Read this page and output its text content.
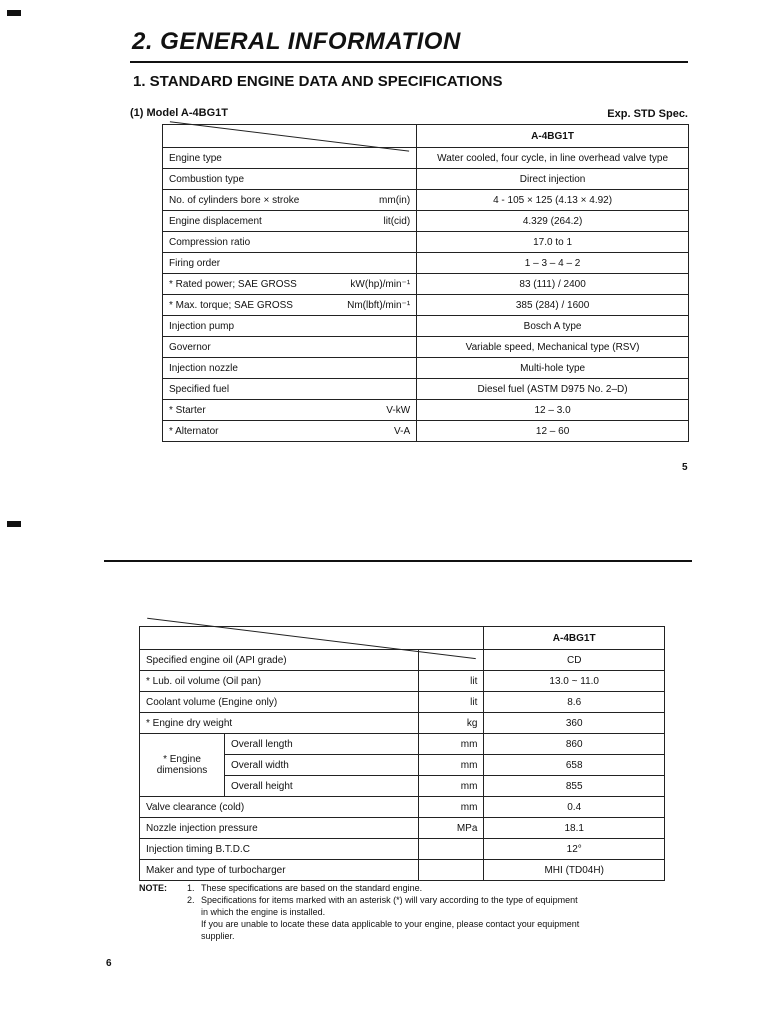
2. GENERAL INFORMATION
1. STANDARD ENGINE DATA AND SPECIFICATIONS
(1) Model A-4BG1T	Exp. STD Spec.
	A-4BG1T

Engine type	Water cooled, four cycle, in line overhead valve type

Combustion type	Direct injection

No. of cylinders bore × stroke mm(in)	4 - 105 × 125 (4.13 × 4.92)

Engine displacement lit(cid)	4.329 (264.2)

Compression ratio	17.0 to 1

Firing order	1 – 3 – 4 – 2

* Rated power; SAE GROSS kW(hp)/min⁻¹	83 (111) / 2400

* Max. torque; SAE GROSS Nm(lbft)/min⁻¹	385 (284) / 1600

Injection pump	Bosch A type

Governor	Variable speed, Mechanical type (RSV)

Injection nozzle	Multi-hole type

Specified fuel	Diesel fuel (ASTM D975 No. 2–D)

* Starter V-kW	12 – 3.0

* Alternator V-A	12 – 60
5
			A-4BG1T
Specified engine oil (API grade)			CD
* Lub. oil volume (Oil pan)		lit	13.0 ~ 11.0
Coolant volume (Engine only)		lit	8.6
* Engine dry weight		kg	360
* Engine dimensions	Overall length	mm	860
	Overall width	mm	658
	Overall height	mm	855
Valve clearance (cold)		mm	0.4
Nozzle injection pressure		MPa	18.1
Injection timing B.T.D.C			12°
Maker and type of turbocharger			MHI (TD04H)
NOTE:	1. These specifications are based on the standard engine.
2. Specifications for items marked with an asterisk (*) will vary according to the type of equipment
in which the engine is installed.
If you are unable to locate these data applicable to your engine, please contact your equipment
supplier.
6
